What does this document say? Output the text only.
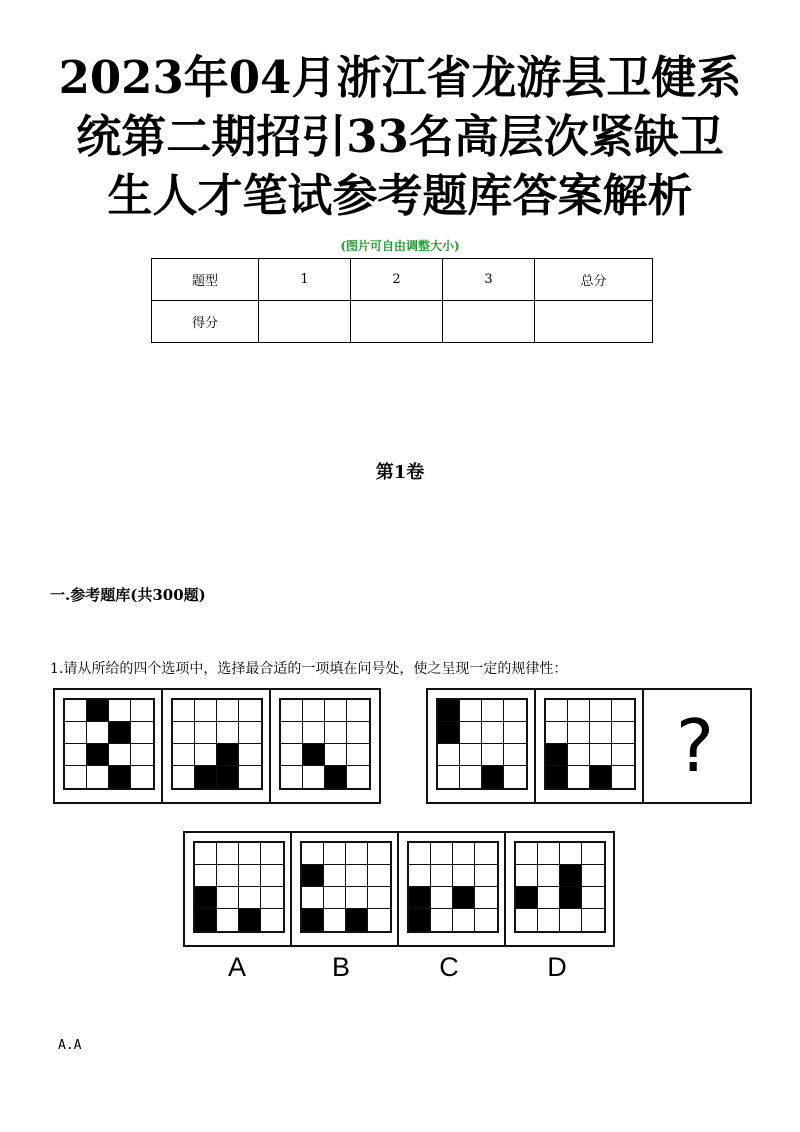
2023年04月浙江省龙游县卫健系
统第二期招引33名高层次紧缺卫
生人才笔试参考题库答案解析
(图片可自由调整大小)
题型	1	2	3	总分
得分				
第1卷
一.参考题库(共300题)
1.请从所给的四个选项中，选择最合适的一项填在问号处，使之呈现一定的规律性：
?
A	B	C	D
A.A
